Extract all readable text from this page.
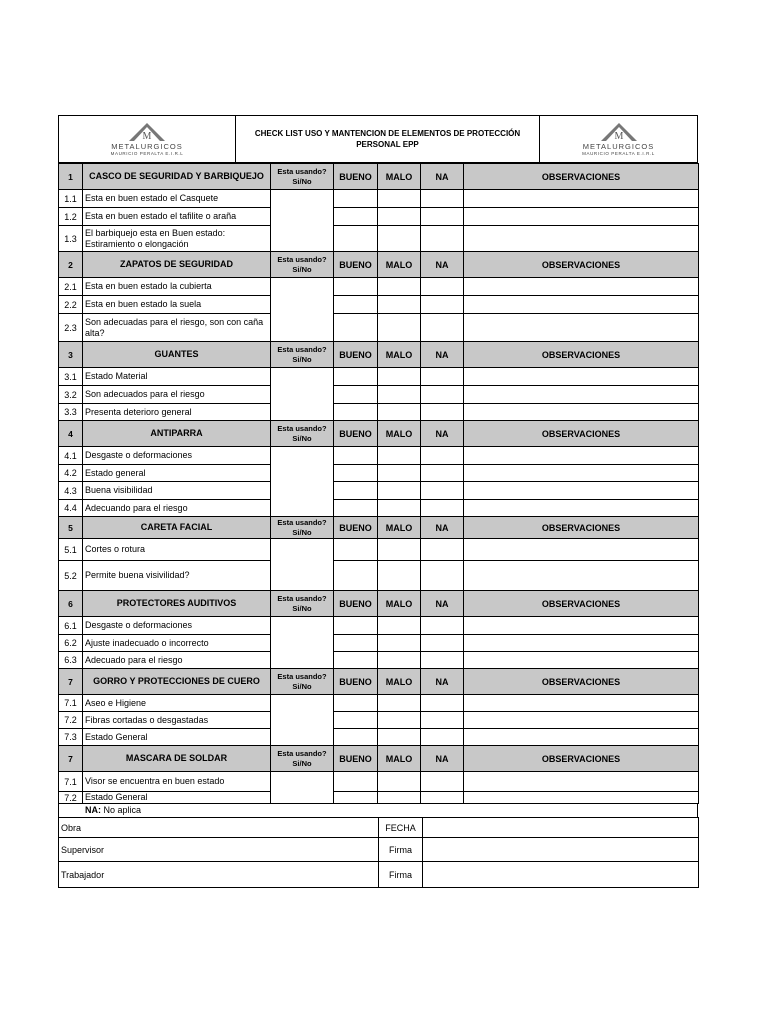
M
METALURGICOS
MAURICIO PERALTA E.I.R.L
CHECK LIST USO Y MANTENCION DE ELEMENTOS DE PROTECCIÓN PERSONAL EPP
M
METALURGICOS
MAURICIO PERALTA E.I.R.L
1	CASCO DE SEGURIDAD Y BARBIQUEJO	Esta usando? Si/No	BUENO	MALO	NA	OBSERVACIONES
1.1	Esta en buen estado el Casquete					
1.2	Esta en buen estado el tafilite o araña					
1.3	El barbiquejo esta en Buen estado: Estiramiento o elongación					
2	ZAPATOS DE SEGURIDAD	Esta usando? Si/No	BUENO	MALO	NA	OBSERVACIONES
2.1	Esta en buen estado la cubierta					
2.2	Esta en buen estado la suela					
2.3	Son adecuadas para el riesgo, son con caña alta?					
3	GUANTES	Esta usando? Si/No	BUENO	MALO	NA	OBSERVACIONES
3.1	Estado Material					
3.2	Son adecuados para el riesgo					
3.3	Presenta deterioro general					
4	ANTIPARRA	Esta usando? Si/No	BUENO	MALO	NA	OBSERVACIONES
4.1	Desgaste o deformaciones					
4.2	Estado general					
4.3	Buena visibilidad					
4.4	Adecuando para el riesgo					
5	CARETA FACIAL	Esta usando? Si/No	BUENO	MALO	NA	OBSERVACIONES
5.1	Cortes o rotura					
5.2	Permite buena visivilidad?					
6	PROTECTORES AUDITIVOS	Esta usando? Si/No	BUENO	MALO	NA	OBSERVACIONES
6.1	Desgaste o deformaciones					
6.2	Ajuste inadecuado o incorrecto					
6.3	Adecuado para el riesgo					
7	GORRO Y PROTECCIONES DE CUERO	Esta usando? Si/No	BUENO	MALO	NA	OBSERVACIONES
7.1	Aseo e Higiene					
7.2	Fibras cortadas o desgastadas					
7.3	Estado General					
7	MASCARA DE SOLDAR	Esta usando? Si/No	BUENO	MALO	NA	OBSERVACIONES
7.1	Visor se encuentra en buen estado					
7.2	Estado General					
NA: No aplica
Obra	FECHA	
Supervisor	Firma	
Trabajador	Firma	
